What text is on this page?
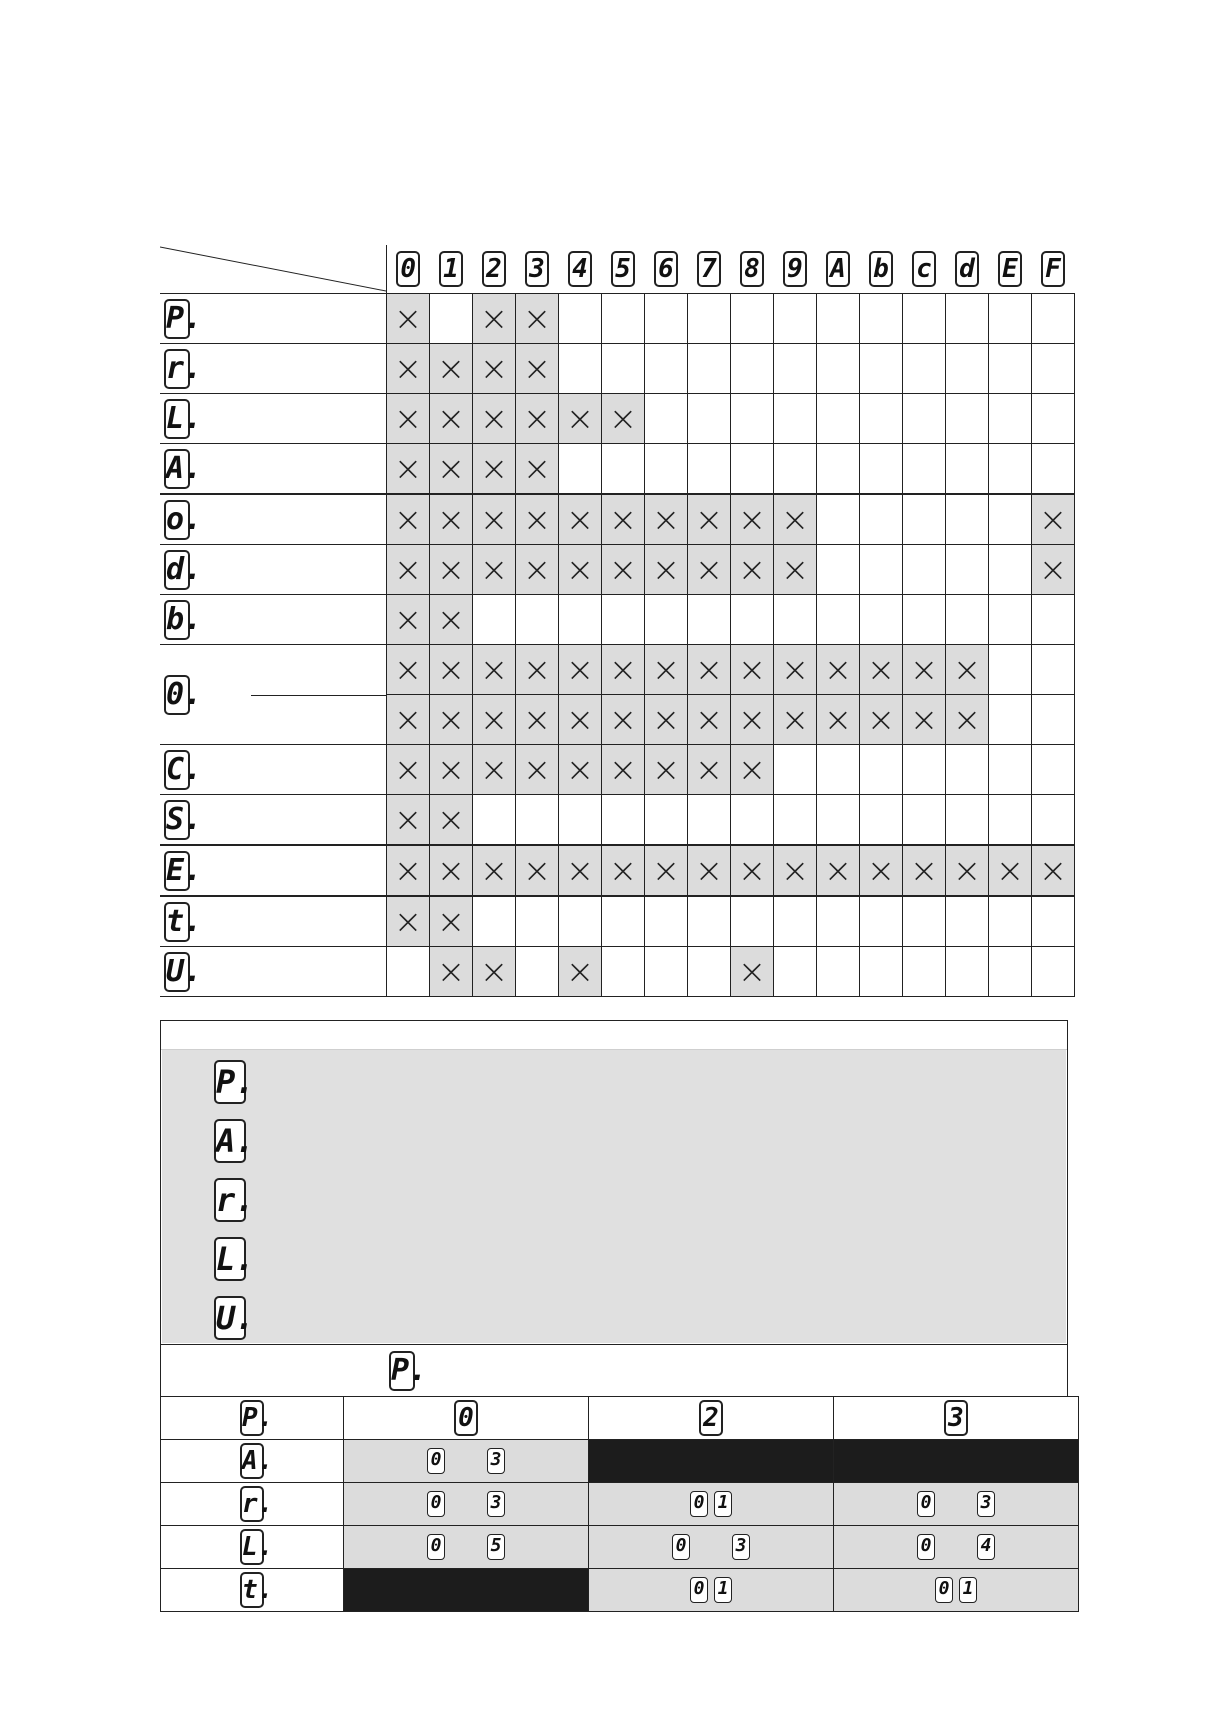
	0	1	2	3	4	5	6	7	8	9	A	b	c	d	E	F
P.	×		×	×												
r.	×	×	×	×												
L.	×	×	×	×	×	×										
A.	×	×	×	×												
o.	×	×	×	×	×	×	×	×	×	×						×
d.	×	×	×	×	×	×	×	×	×	×						×
b.	×	×														

0.	×	×	×	×	×	×	×	×	×	×	×	×	×	×		
	×	×	×	×	×	×	×	×	×	×	×	×	×	×		
C.	×	×	×	×	×	×	×	×	×							
S.	×	×														
E.	×	×	×	×	×	×	×	×	×	×	×	×	×	×	×	×
t.	×	×														
U.		×	×		×				×							
P.
A.
r.
L.
U.
P.
P.	0	2	3
A.	0 3		

r.	0 3	0 1	0 3

L.	0 5	0 3	0 4

t.		0 1	0 1
